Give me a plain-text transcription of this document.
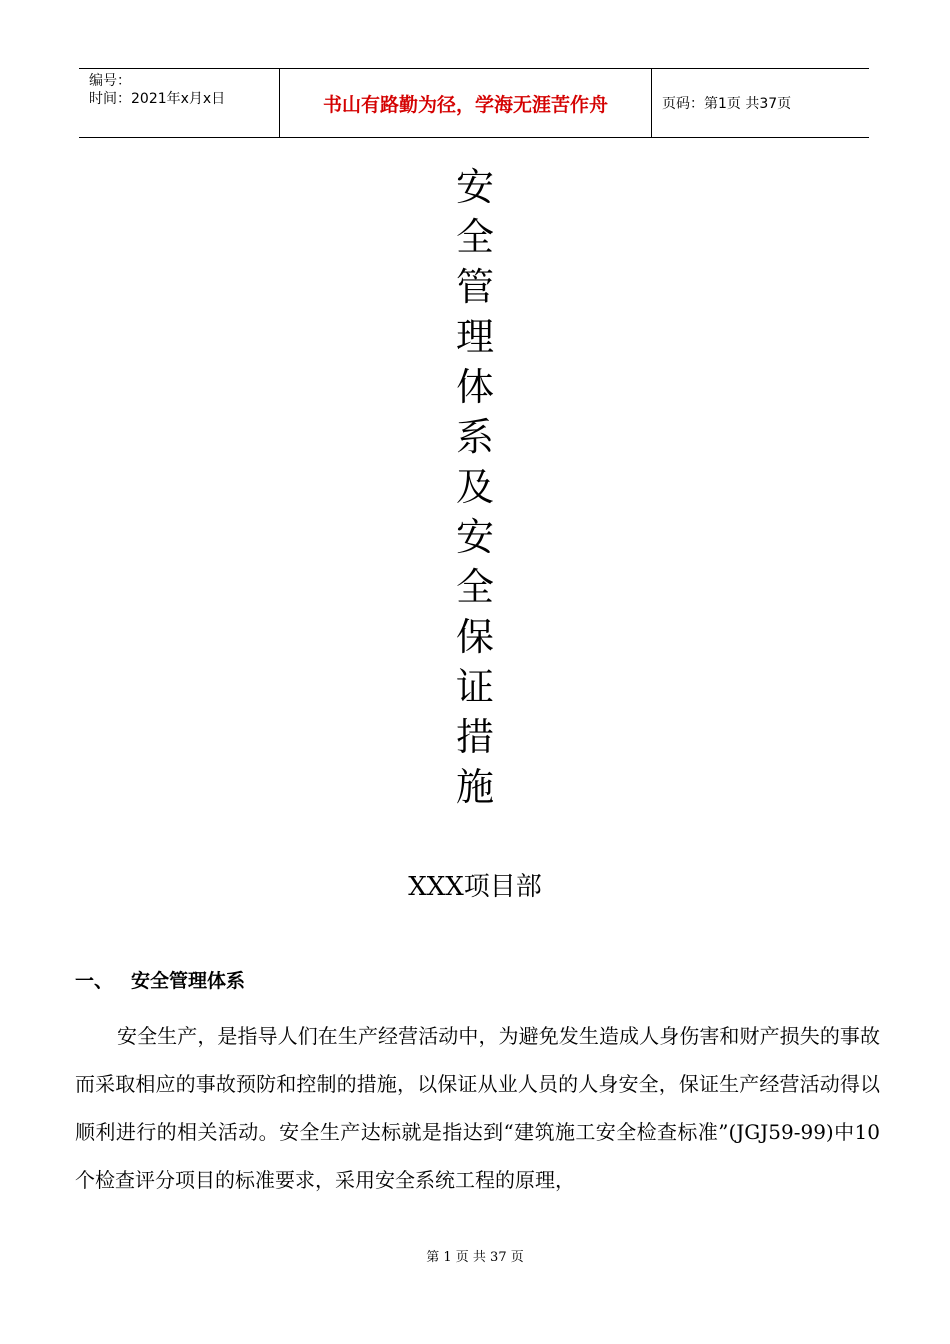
编号：
时间：2021年x月x日	书山有路勤为径，学海无涯苦作舟	页码：第1页 共37页
安
全
管
理
体
系
及
安
全
保
证
措
施
XXX项目部
一、 安全管理体系
安全生产，是指导人们在生产经营活动中，为避免发生造成人身伤害和财产损失的事故而采取相应的事故预防和控制的措施，以保证从业人员的人身安全，保证生产经营活动得以顺利进行的相关活动。安全生产达标就是指达到“建筑施工安全检查标准”(JGJ59-99)中10个检查评分项目的标准要求，采用安全系统工程的原理，
第 1 页 共 37 页
